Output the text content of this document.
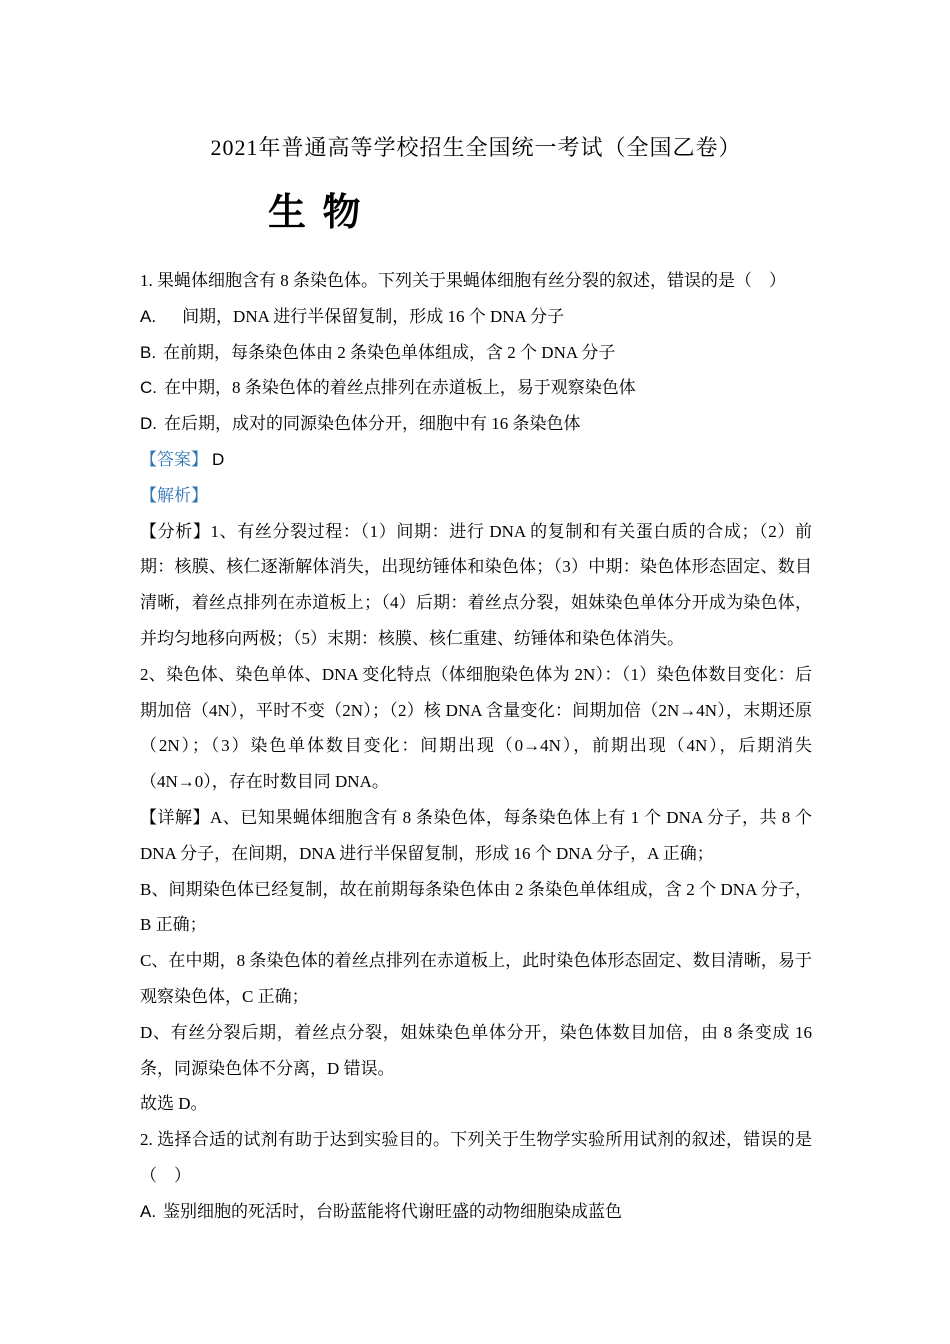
2021年普通高等学校招生全国统一考试（全国乙卷）
生 物

1. 果蝇体细胞含有 8 条染色体。下列关于果蝇体细胞有丝分裂的叙述，错误的是（　）

A. 间期，DNA 进行半保留复制，形成 16 个 DNA 分子

B. 在前期，每条染色体由 2 条染色单体组成，含 2 个 DNA 分子

C. 在中期，8 条染色体的着丝点排列在赤道板上，易于观察染色体

D. 在后期，成对的同源染色体分开，细胞中有 16 条染色体

【答案】 D

【解析】

【分析】1、有丝分裂过程：（1）间期：进行 DNA 的复制和有关蛋白质的合成；（2）前期：核膜、核仁逐渐解体消失，出现纺锤体和染色体；（3）中期：染色体形态固定、数目清晰，着丝点排列在赤道板上；（4）后期：着丝点分裂，姐妹染色单体分开成为染色体，并均匀地移向两极；（5）末期：核膜、核仁重建、纺锤体和染色体消失。

2、染色体、染色单体、DNA 变化特点（体细胞染色体为 2N）：（1）染色体数目变化：后期加倍（4N），平时不变（2N）；（2）核 DNA 含量变化：间期加倍（2N→4N），末期还原（2N）；（3）染色单体数目变化：间期出现（0→4N），前期出现（4N），后期消失（4N→0），存在时数目同 DNA。

【详解】A、已知果蝇体细胞含有 8 条染色体，每条染色体上有 1 个 DNA 分子，共 8 个 DNA 分子，在间期，DNA 进行半保留复制，形成 16 个 DNA 分子，A 正确；

B、间期染色体已经复制，故在前期每条染色体由 2 条染色单体组成，含 2 个 DNA 分子，B 正确；

C、在中期，8 条染色体的着丝点排列在赤道板上，此时染色体形态固定、数目清晰，易于观察染色体，C 正确；

D、有丝分裂后期，着丝点分裂，姐妹染色单体分开，染色体数目加倍，由 8 条变成 16 条，同源染色体不分离，D 错误。

故选 D。

2. 选择合适的试剂有助于达到实验目的。下列关于生物学实验所用试剂的叙述，错误的是（　）

A. 鉴别细胞的死活时，台盼蓝能将代谢旺盛的动物细胞染成蓝色
